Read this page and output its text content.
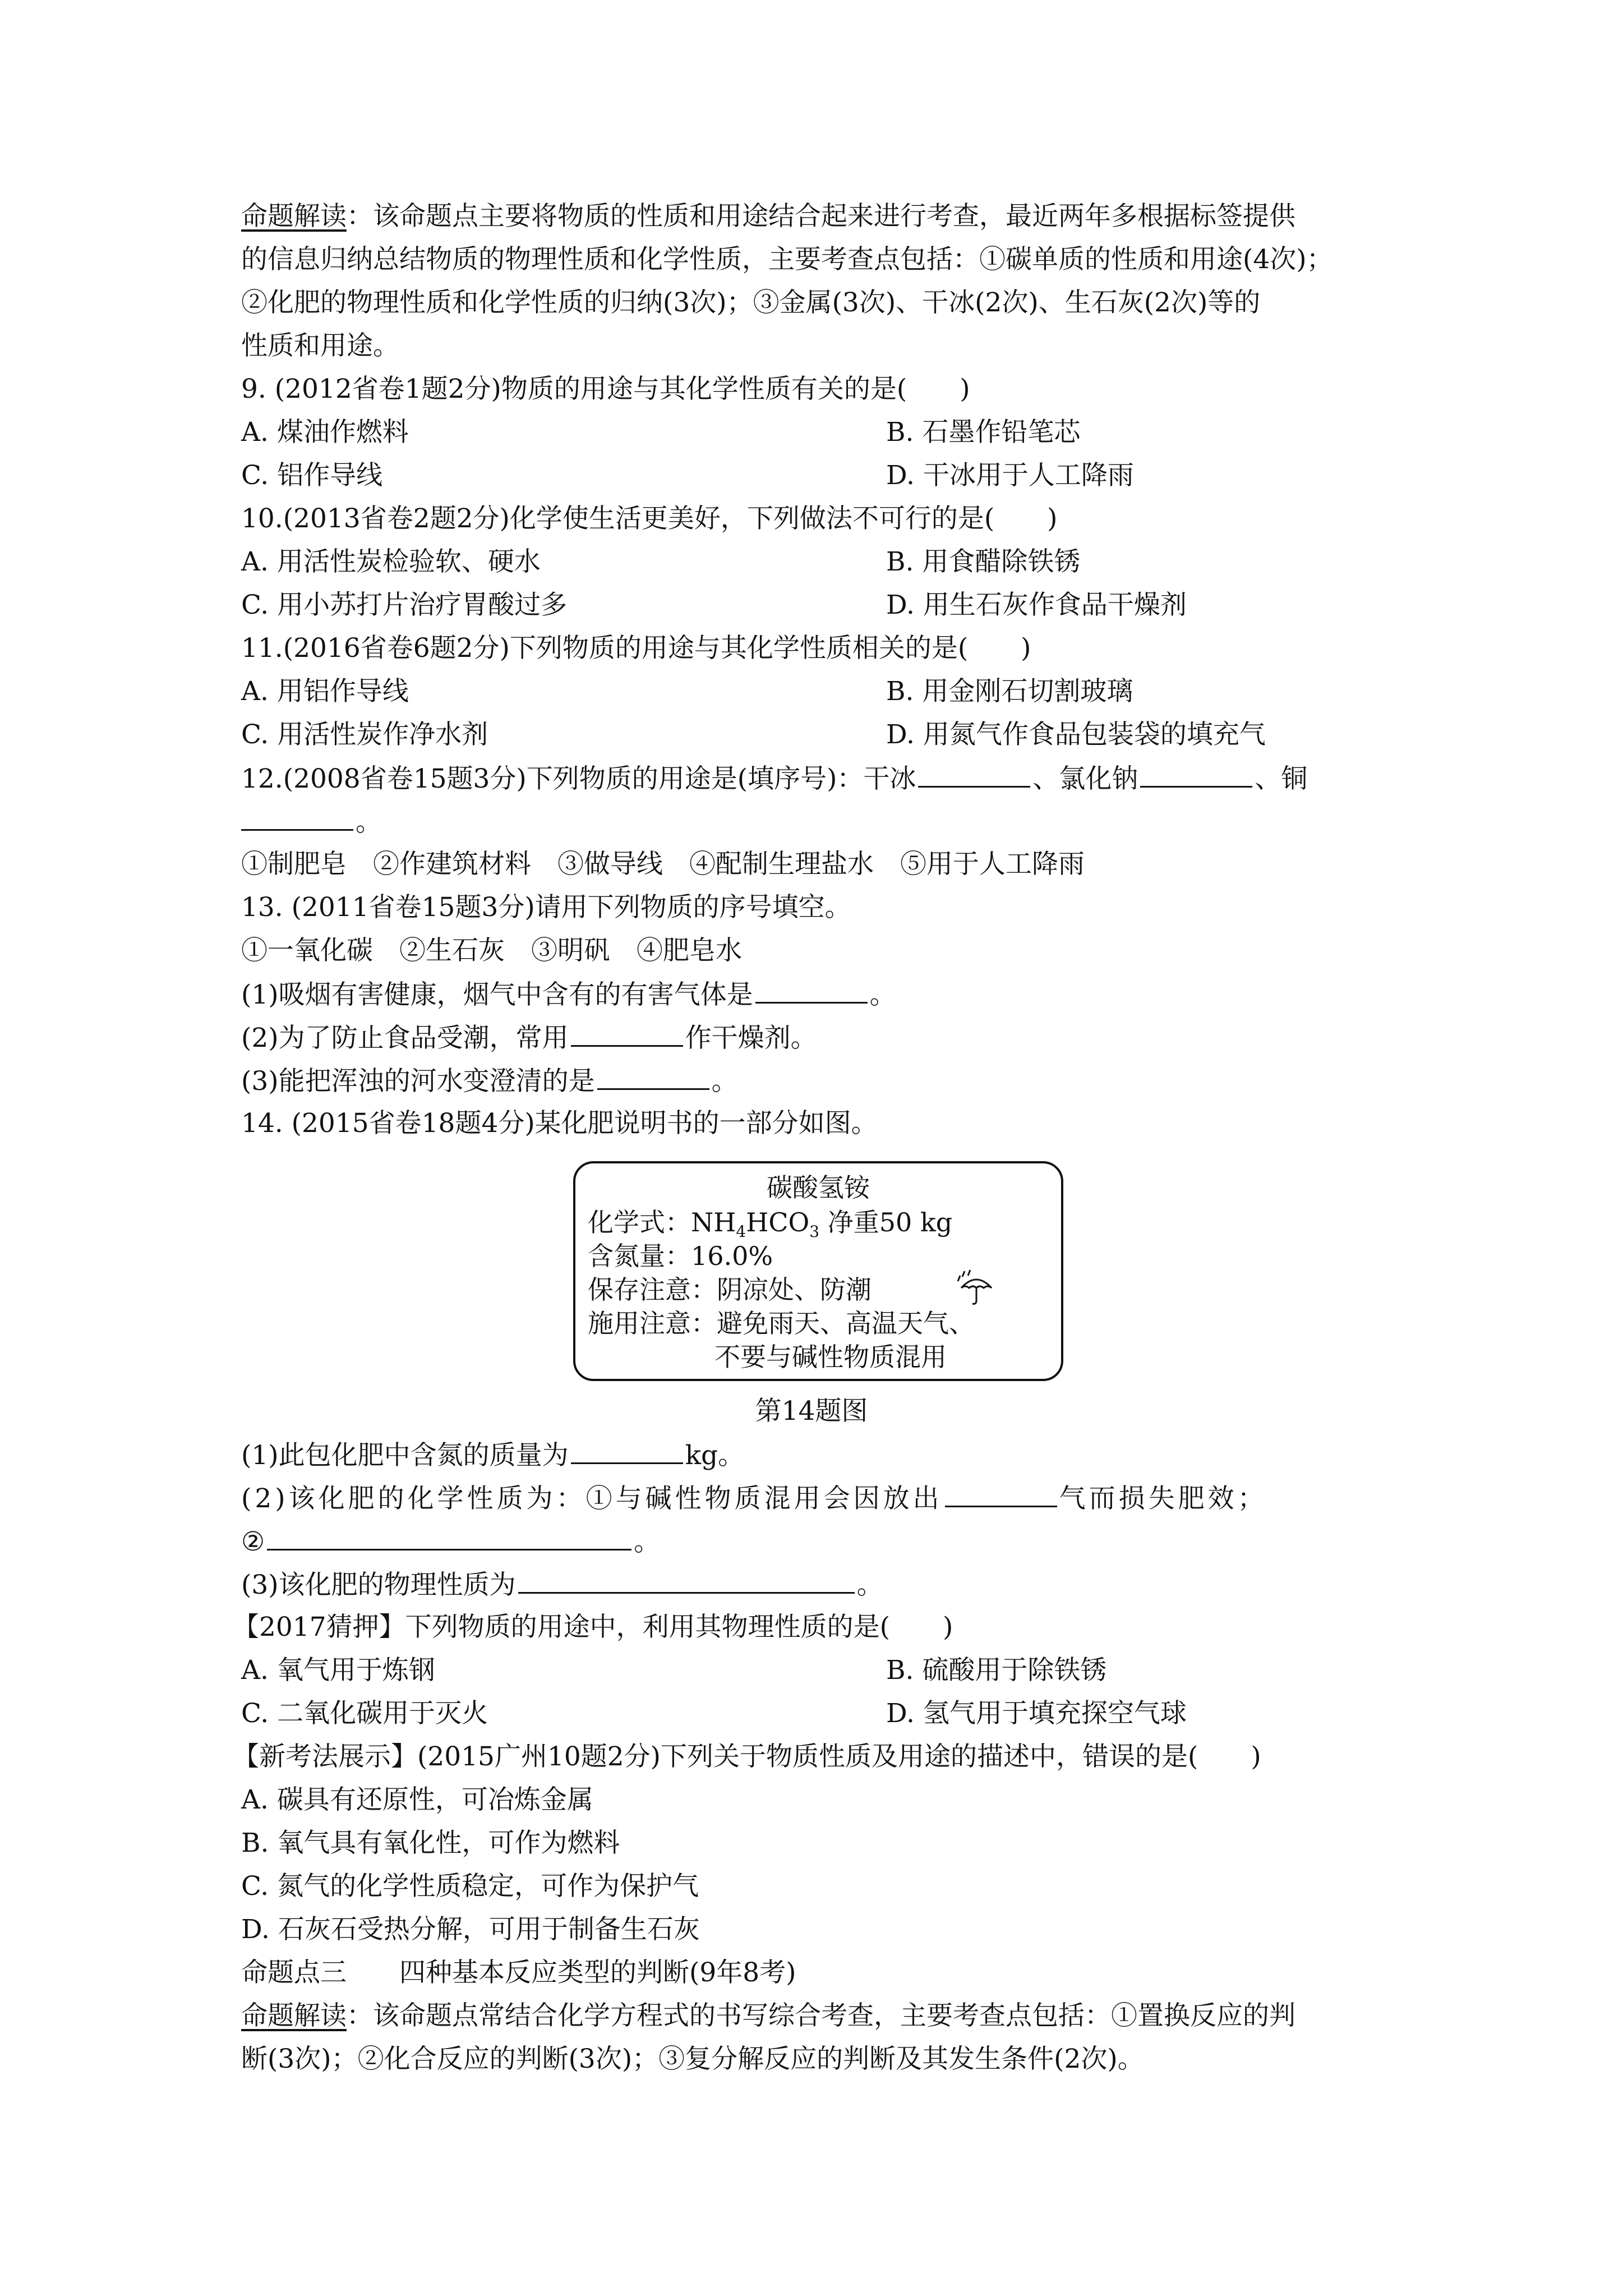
命题解读：该命题点主要将物质的性质和用途结合起来进行考查，最近两年多根据标签提供
的信息归纳总结物质的物理性质和化学性质，主要考查点包括：①碳单质的性质和用途(4次)；
②化肥的物理性质和化学性质的归纳(3次)；③金属(3次)、干冰(2次)、生石灰(2次)等的
性质和用途。
9. (2012省卷1题2分)物质的用途与其化学性质有关的是(　　)
A. 煤油作燃料	B. 石墨作铅笔芯
C. 铝作导线	D. 干冰用于人工降雨
10.(2013省卷2题2分)化学使生活更美好，下列做法不可行的是(　　)
A. 用活性炭检验软、硬水	B. 用食醋除铁锈
C. 用小苏打片治疗胃酸过多	D. 用生石灰作食品干燥剂
11.(2016省卷6题2分)下列物质的用途与其化学性质相关的是(　　)
A. 用铝作导线	B. 用金刚石切割玻璃
C. 用活性炭作净水剂	D. 用氮气作食品包装袋的填充气
12.(2008省卷15题3分)下列物质的用途是(填序号)：干冰	、氯化钠	、铜
。
①制肥皂　②作建筑材料　③做导线　④配制生理盐水　⑤用于人工降雨
13. (2011省卷15题3分)请用下列物质的序号填空。
①一氧化碳　②生石灰　③明矾　④肥皂水
(1)吸烟有害健康，烟气中含有的有害气体是	。
(2)为了防止食品受潮，常用	作干燥剂。
(3)能把浑浊的河水变澄清的是	。
14. (2015省卷18题4分)某化肥说明书的一部分如图。
碳酸氢铵
化学式：$NH_4HCO_3$ 净重50 kg
含氮量：16.0%
保存注意：阴凉处、防潮
施用注意：避免雨天、高温天气、
不要与碱性物质混用
第14题图
(1)此包化肥中含氮的质量为	kg。
(2)该化肥的化学性质为：①与碱性物质混用会因放出	气而损失肥效；
②	。
(3)该化肥的物理性质为	。
【2017猜押】下列物质的用途中，利用其物理性质的是(　　)
A. 氧气用于炼钢	B. 硫酸用于除铁锈
C. 二氧化碳用于灭火	D. 氢气用于填充探空气球
【新考法展示】(2015广州10题2分)下列关于物质性质及用途的描述中，错误的是(　　)
A. 碳具有还原性，可冶炼金属
B. 氧气具有氧化性，可作为燃料
C. 氮气的化学性质稳定，可作为保护气
D. 石灰石受热分解，可用于制备生石灰
命题点三　　四种基本反应类型的判断(9年8考)
命题解读：该命题点常结合化学方程式的书写综合考查，主要考查点包括：①置换反应的判
断(3次)；②化合反应的判断(3次)；③复分解反应的判断及其发生条件(2次)。
